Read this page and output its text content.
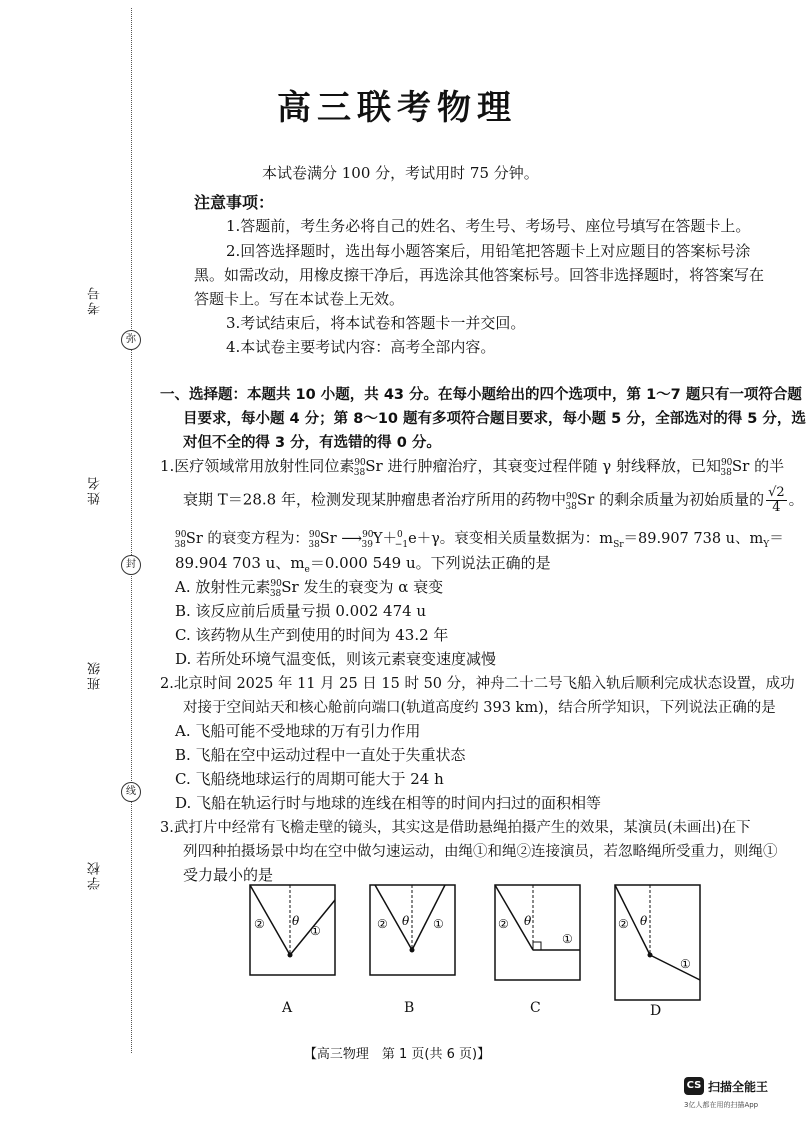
考号
姓名
班级
学校
弥
封
线
高三联考物理
本试卷满分 100 分，考试用时 75 分钟。
注意事项：
1.答题前，考生务必将自己的姓名、考生号、考场号、座位号填写在答题卡上。
2.回答选择题时，选出每小题答案后，用铅笔把答题卡上对应题目的答案标号涂
黑。如需改动，用橡皮擦干净后，再选涂其他答案标号。回答非选择题时，将答案写在
答题卡上。写在本试卷上无效。
3.考试结束后，将本试卷和答题卡一并交回。
4.本试卷主要考试内容：高考全部内容。
一、选择题：本题共 10 小题，共 43 分。在每小题给出的四个选项中，第 1～7 题只有一项符合题
目要求，每小题 4 分；第 8～10 题有多项符合题目要求，每小题 5 分，全部选对的得 5 分，选
对但不全的得 3 分，有选错的得 0 分。
1.医疗领域常用放射性同位素$^{90}_{38}$Sr 进行肿瘤治疗，其衰变过程伴随 γ 射线释放，已知$^{90}_{38}$Sr 的半
衰期 T＝28.8 年，检测发现某肿瘤患者治疗所用的药物中$^{90}_{38}$Sr 的剩余质量为初始质量的 $\frac{√2}{4}$ 。
$^{90}_{38}$Sr 的衰变方程为：$^{90}_{38}$Sr ⟶$^{90}_{39}$Y＋$^0_{-1}$e＋γ。衰变相关质量数据为：$m_{Sr}=89.907$ 738 u、$m_Y=$
89.904 703 u、$m_e=0.000$ 549 u。下列说法正确的是
A. 放射性元素$^{90}_{38}$Sr 发生的衰变为 α 衰变
B. 该反应前后质量亏损 0.002 474 u
C. 该药物从生产到使用的时间为 43.2 年
D. 若所处环境气温变低，则该元素衰变速度减慢
2.北京时间 2025 年 11 月 25 日 15 时 50 分，神舟二十二号飞船入轨后顺利完成状态设置，成功
对接于空间站天和核心舱前向端口(轨道高度约 393 km)，结合所学知识，下列说法正确的是
A. 飞船可能不受地球的万有引力作用
B. 飞船在空中运动过程中一直处于失重状态
C. 飞船绕地球运行的周期可能大于 24 h
D. 飞船在轨运行时与地球的连线在相等的时间内扫过的面积相等
3.武打片中经常有飞檐走壁的镜头，其实这是借助悬绳拍摄产生的效果，某演员(未画出)在下
列四种拍摄场景中均在空中做匀速运动，由绳①和绳②连接演员，若忽略绳所受重力，则绳①
受力最小的是
②	①
θ	②	①
θ	②
①
θ	②
①
θ
A	B	C	D
【高三物理　第 1 页(共 6 页)】
CS 扫描全能王
3亿人都在用的扫描App
